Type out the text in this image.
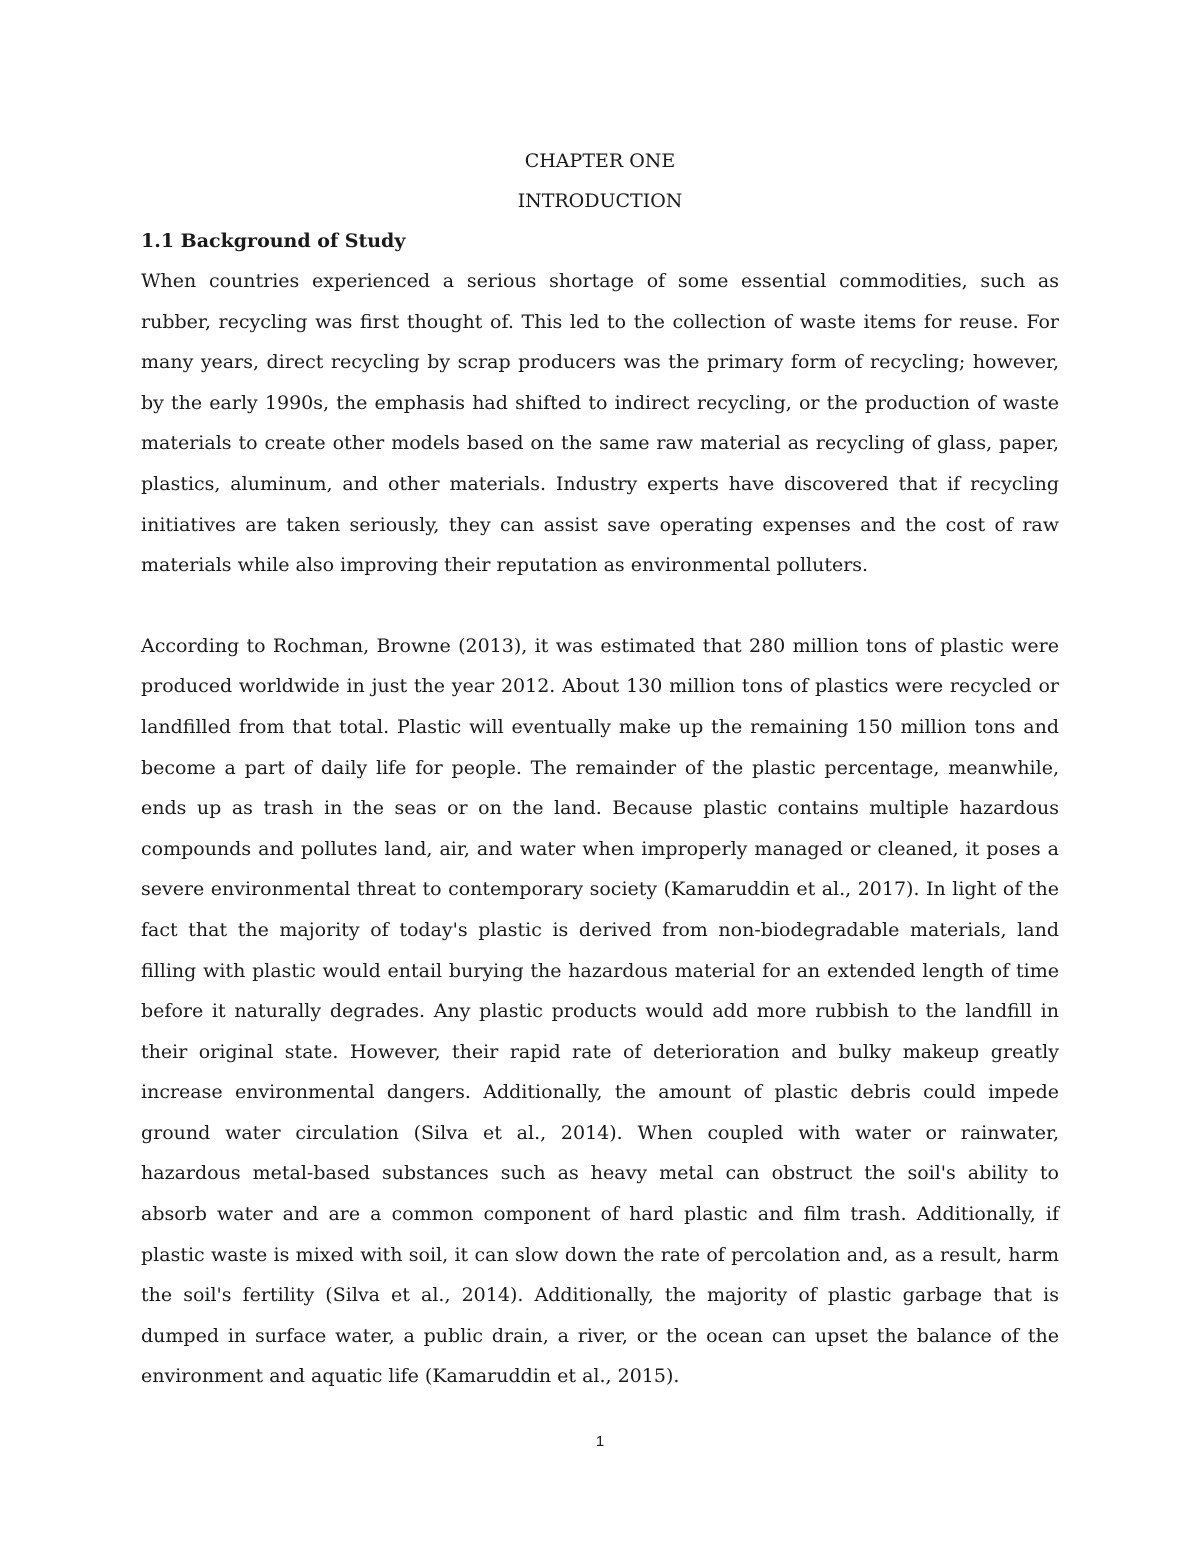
CHAPTER ONE

INTRODUCTION

1.1 Background of Study

When countries experienced a serious shortage of some essential commodities, such as rubber, recycling was first thought of. This led to the collection of waste items for reuse. For many years, direct recycling by scrap producers was the primary form of recycling; however, by the early 1990s, the emphasis had shifted to indirect recycling, or the production of waste materials to create other models based on the same raw material as recycling of glass, paper, plastics, aluminum, and other materials. Industry experts have discovered that if recycling initiatives are taken seriously, they can assist save operating expenses and the cost of raw materials while also improving their reputation as environmental polluters.

According to Rochman, Browne (2013), it was estimated that 280 million tons of plastic were produced worldwide in just the year 2012. About 130 million tons of plastics were recycled or landfilled from that total. Plastic will eventually make up the remaining 150 million tons and become a part of daily life for people. The remainder of the plastic percentage, meanwhile, ends up as trash in the seas or on the land. Because plastic contains multiple hazardous compounds and pollutes land, air, and water when improperly managed or cleaned, it poses a severe environmental threat to contemporary society (Kamaruddin et al., 2017). In light of the fact that the majority of today's plastic is derived from non-biodegradable materials, land filling with plastic would entail burying the hazardous material for an extended length of time before it naturally degrades. Any plastic products would add more rubbish to the landfill in their original state. However, their rapid rate of deterioration and bulky makeup greatly increase environmental dangers. Additionally, the amount of plastic debris could impede ground water circulation (Silva et al., 2014). When coupled with water or rainwater, hazardous metal-based substances such as heavy metal can obstruct the soil's ability to absorb water and are a common component of hard plastic and film trash. Additionally, if plastic waste is mixed with soil, it can slow down the rate of percolation and, as a result, harm the soil's fertility (Silva et al., 2014). Additionally, the majority of plastic garbage that is dumped in surface water, a public drain, a river, or the ocean can upset the balance of the environment and aquatic life (Kamaruddin et al., 2015).

1
